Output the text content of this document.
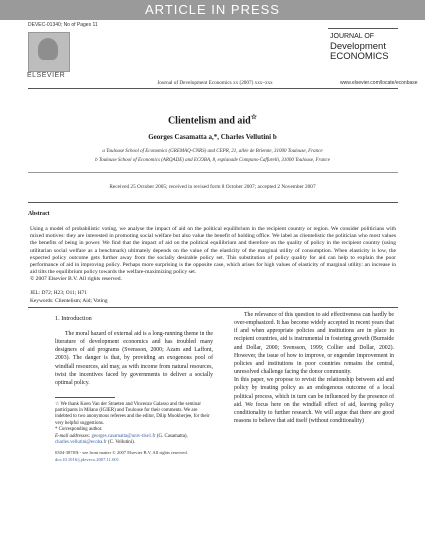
ARTICLE IN PRESS
DEVEC-01340; No of Pages 11
ELSEVIER
JOURNAL OF
Development
ECONOMICS
Journal of Development Economics xx (2007) xxx–xxx	www.elsevier.com/locate/econbase
Clientelism and aid☆
Georges Casamatta a,*, Charles Vellutini b
a Toulouse School of Economics (GREMAQ-CNRS) and CEPR, 21, allée de Brienne, 31000 Toulouse, France
b Toulouse School of Economics (ARQADE) and ECOBA, 8, esplanade Compans-Caffarelli, 31000 Toulouse, France
Received 25 October 2005; received in revised form 8 October 2007; accepted 2 November 2007
Abstract
Using a model of probabilistic voting, we analyse the impact of aid on the political equilibrium in the recipient country or region. We consider politicians with mixed motives: they are interested in promoting social welfare but also value the benefit of holding office. We label as clientelistic the politician who most values the benefits of being in power. We find that the impact of aid on the political equilibrium and therefore on the quality of policy in the recipient country (using utilitarian social welfare as a benchmark) ultimately depends on the value of the elasticity of the marginal utility of consumption. When elasticity is low, the expected policy outcome gets further away from the socially desirable policy set. This substitution of policy quality for aid can help to explain the poor performance of aid in improving policy. Perhaps more surprising is the opposite case, which arises for high values of elasticity of marginal utility: an increase in aid tilts the equilibrium policy towards the welfare-maximizing policy set.
© 2007 Elsevier B.V. All rights reserved.
JEL: D72; H23; O11; H71
Keywords: Clientelism; Aid; Voting
1. Introduction
The moral hazard of external aid is a long-running theme in the literature of development economics and has troubled many designers of aid programs (Svensson, 2000; Azam and Laffont, 2003). The danger is that, by providing an exogenous pool of windfall resources, aid may, as with income from natural resources, twist the incentives faced by governments to deliver a socially optimal policy.
The relevance of this question to aid effectiveness can hardly be over-emphasized. It has become widely accepted in recent years that if and when appropriate policies and institutions are in place in recipient countries, aid is instrumental in fostering growth (Burnside and Dollar, 2000; Svensson, 1999; Collier and Dollar, 2002). However, the issue of how to improve, or engender improvement in policies and institutions in poor countries remains the central, unresolved challenge facing the donor community.
In this paper, we propose to revisit the relationship between aid and policy by treating policy as an endogenous outcome of a local political process, which in turn can be influenced by the presence of aid. We focus here on the windfall effect of aid, leaving policy conditionality to further research. We will argue that there are good reasons to believe that aid itself (without conditionality)
☆ We thank Koen Van der Straeten and Vincenzo Galasso and the seminar participants in Milano (IGIER) and Toulouse for their comments. We are indebted to two anonymous referees and the editor, Dilip Mookherjee, for their very helpful suggestions.
* Corresponding author.
E-mail addresses: georges.casamatta@univ-tlse1.fr (G. Casamatta), charles.vellutini@ecoba.fr (C. Vellutini).
0304-3878/$ - see front matter © 2007 Elsevier B.V. All rights reserved.
doi:10.1016/j.jdeveco.2007.11.001
